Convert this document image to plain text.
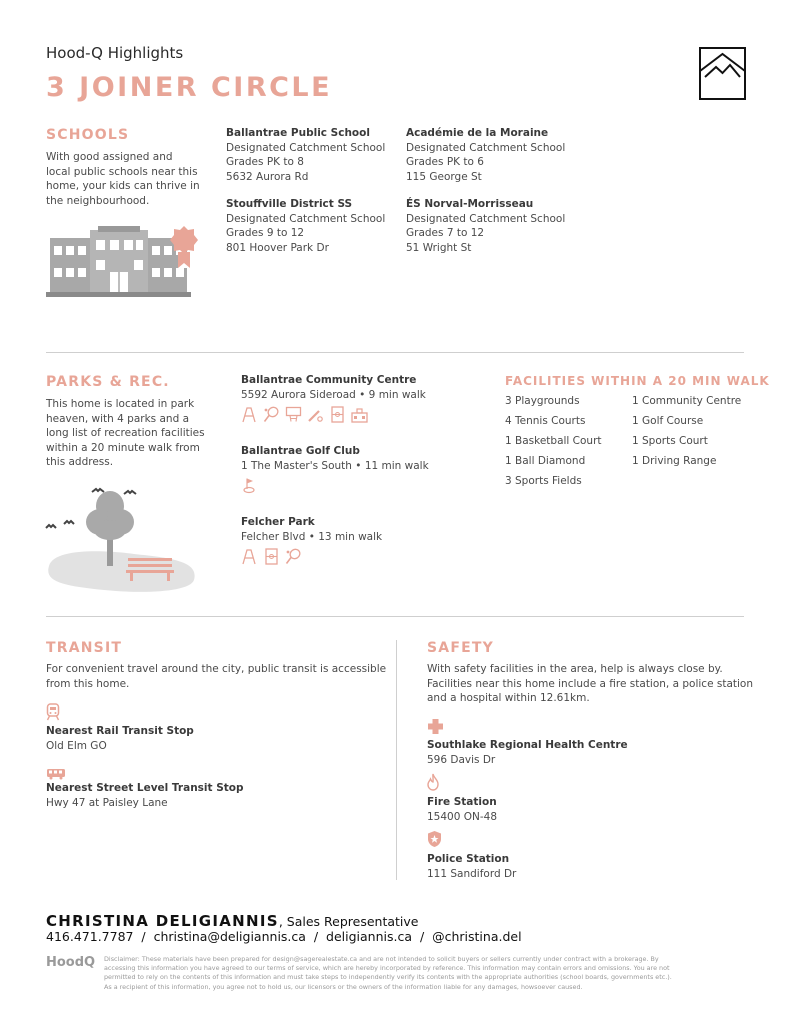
Hood-Q Highlights
3 JOINER CIRCLE
SCHOOLS
With good assigned and
local public schools near this
home, your kids can thrive in
the neighbourhood.
Ballantrae Public School
Designated Catchment School
Grades PK to 8
5632 Aurora Rd
Académie de la Moraine
Designated Catchment School
Grades PK to 6
115 George St
Stouffville District SS
Designated Catchment School
Grades 9 to 12
801 Hoover Park Dr
ÉS Norval-Morrisseau
Designated Catchment School
Grades 7 to 12
51 Wright St
PARKS & REC.
This home is located in park
heaven, with 4 parks and a
long list of recreation facilities
within a 20 minute walk from
this address.
Ballantrae Community Centre
5592 Aurora Sideroad • 9 min walk
Ballantrae Golf Club
1 The Master's South • 11 min walk
Felcher Park
Felcher Blvd • 13 min walk
FACILITIES WITHIN A 20 MIN WALK
3 Playgrounds
4 Tennis Courts
1 Basketball Court
1 Ball Diamond
3 Sports Fields
1 Community Centre
1 Golf Course
1 Sports Court
1 Driving Range
TRANSIT
For convenient travel around the city, public transit is accessible
from this home.
Nearest Rail Transit Stop
Old Elm GO
Nearest Street Level Transit Stop
Hwy 47 at Paisley Lane
SAFETY
With safety facilities in the area, help is always close by.
Facilities near this home include a fire station, a police station
and a hospital within 12.61km.
Southlake Regional Health Centre
596 Davis Dr
Fire Station
15400 ON-48
Police Station
111 Sandiford Dr
CHRISTINA DELIGIANNIS, Sales Representative
416.471.7787  /  christina@deligiannis.ca  /  deligiannis.ca  /  @christina.del
HoodQ Disclaimer: These materials have been prepared for design@sagerealestate.ca and are not intended to solicit buyers or sellers currently under contract with a brokerage. By
accessing this information you have agreed to our terms of service, which are hereby incorporated by reference. This information may contain errors and omissions. You are not
permitted to rely on the contents of this information and must take steps to independently verify its contents with the appropriate authorities (school boards, governments etc.).
As a recipient of this information, you agree not to hold us, our licensors or the owners of the information liable for any damages, howsoever caused.
